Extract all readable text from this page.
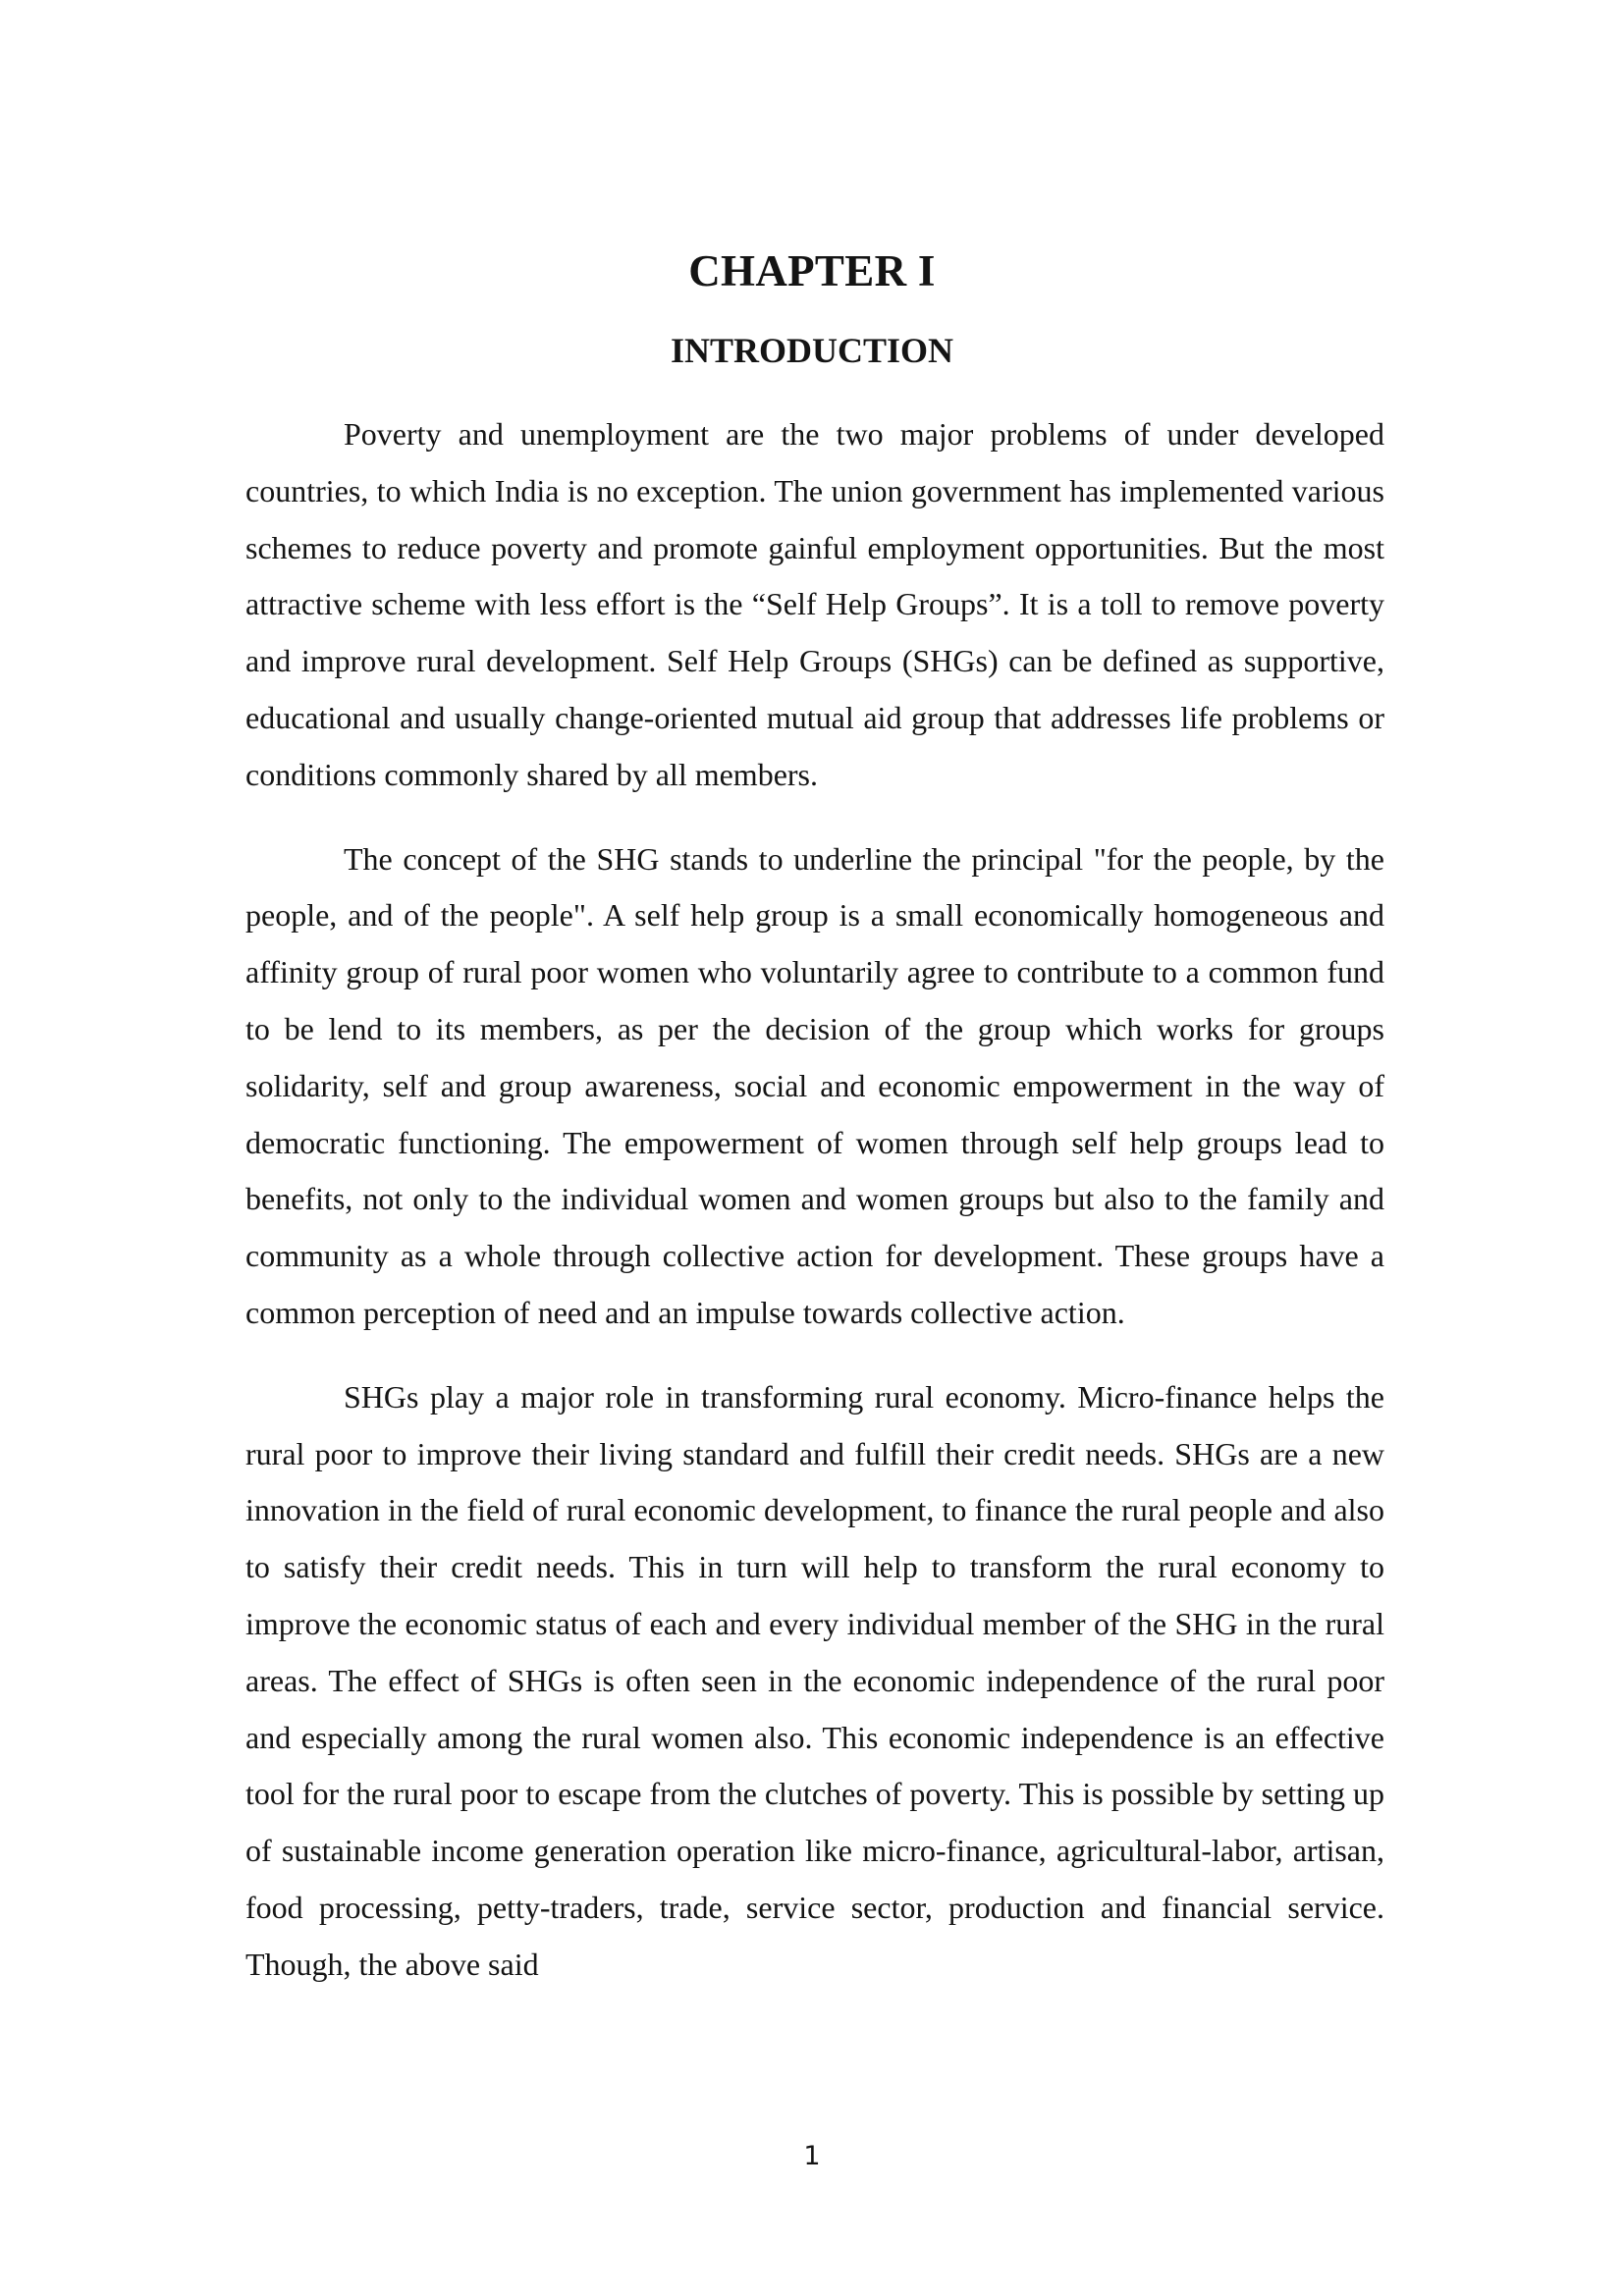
CHAPTER I
INTRODUCTION

Poverty and unemployment are the two major problems of under developed countries, to which India is no exception. The union government has implemented various schemes to reduce poverty and promote gainful employment opportunities. But the most attractive scheme with less effort is the “Self Help Groups”. It is a toll to remove poverty and improve rural development. Self Help Groups (SHGs) can be defined as supportive, educational and usually change-oriented mutual aid group that addresses life problems or conditions commonly shared by all members.

The concept of the SHG stands to underline the principal "for the people, by the people, and of the people". A self help group is a small economically homogeneous and affinity group of rural poor women who voluntarily agree to contribute to a common fund to be lend to its members, as per the decision of the group which works for groups solidarity, self and group awareness, social and economic empowerment in the way of democratic functioning. The empowerment of women through self help groups lead to benefits, not only to the individual women and women groups but also to the family and community as a whole through collective action for development. These groups have a common perception of need and an impulse towards collective action.

SHGs play a major role in transforming rural economy. Micro-finance helps the rural poor to improve their living standard and fulfill their credit needs. SHGs are a new innovation in the field of rural economic development, to finance the rural people and also to satisfy their credit needs. This in turn will help to transform the rural economy to improve the economic status of each and every individual member of the SHG in the rural areas. The effect of SHGs is often seen in the economic independence of the rural poor and especially among the rural women also. This economic independence is an effective tool for the rural poor to escape from the clutches of poverty. This is possible by setting up of sustainable income generation operation like micro-finance, agricultural-labor, artisan, food processing, petty-traders, trade, service sector, production and financial service. Though, the above said

1
